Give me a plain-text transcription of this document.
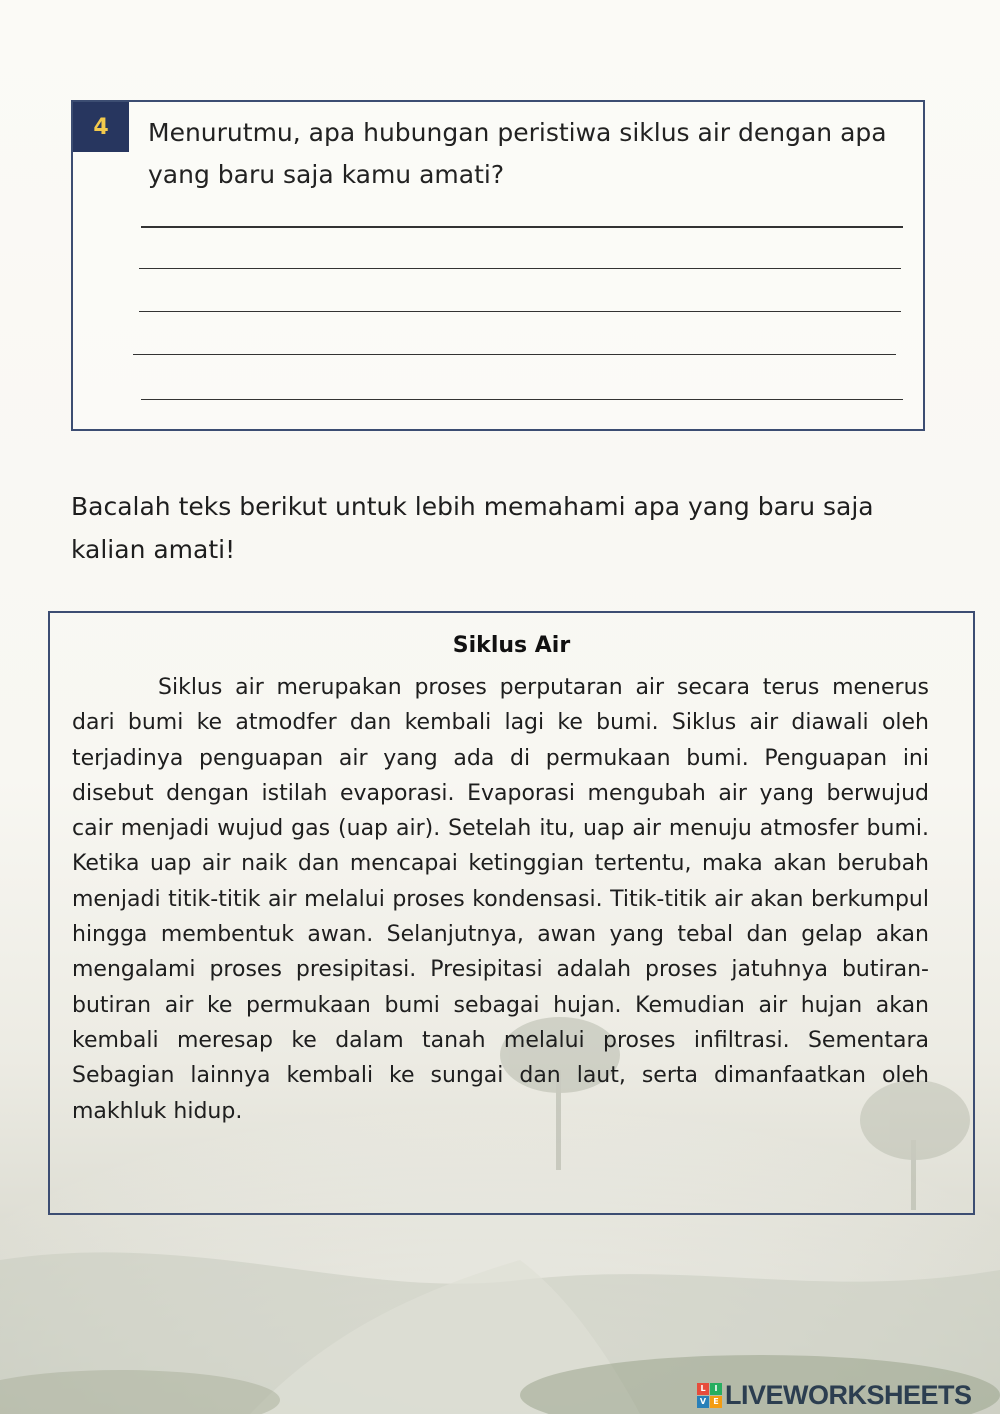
4	Menurutmu, apa hubungan peristiwa siklus air dengan apa yang baru saja kamu amati?
Bacalah teks berikut untuk lebih memahami apa yang baru saja kalian amati!
Siklus Air

Siklus air merupakan proses perputaran air secara terus menerus dari bumi ke atmodfer dan kembali lagi ke bumi. Siklus air diawali oleh terjadinya penguapan air yang ada di permukaan bumi. Penguapan ini disebut dengan istilah evaporasi. Evaporasi mengubah air yang berwujud cair menjadi wujud gas (uap air). Setelah itu, uap air menuju atmosfer bumi. Ketika uap air naik dan mencapai ketinggian tertentu, maka akan berubah menjadi titik-titik air melalui proses kondensasi. Titik-titik air akan berkumpul hingga membentuk awan. Selanjutnya, awan yang tebal dan gelap akan mengalami proses presipitasi. Presipitasi adalah proses jatuhnya butiran-butiran air ke permukaan bumi sebagai hujan. Kemudian air hujan akan kembali meresap ke dalam tanah melalui proses infiltrasi. Sementara Sebagian lainnya kembali ke sungai dan laut, serta dimanfaatkan oleh makhluk hidup.

L	I
V E LIVEWORKSHEETS
